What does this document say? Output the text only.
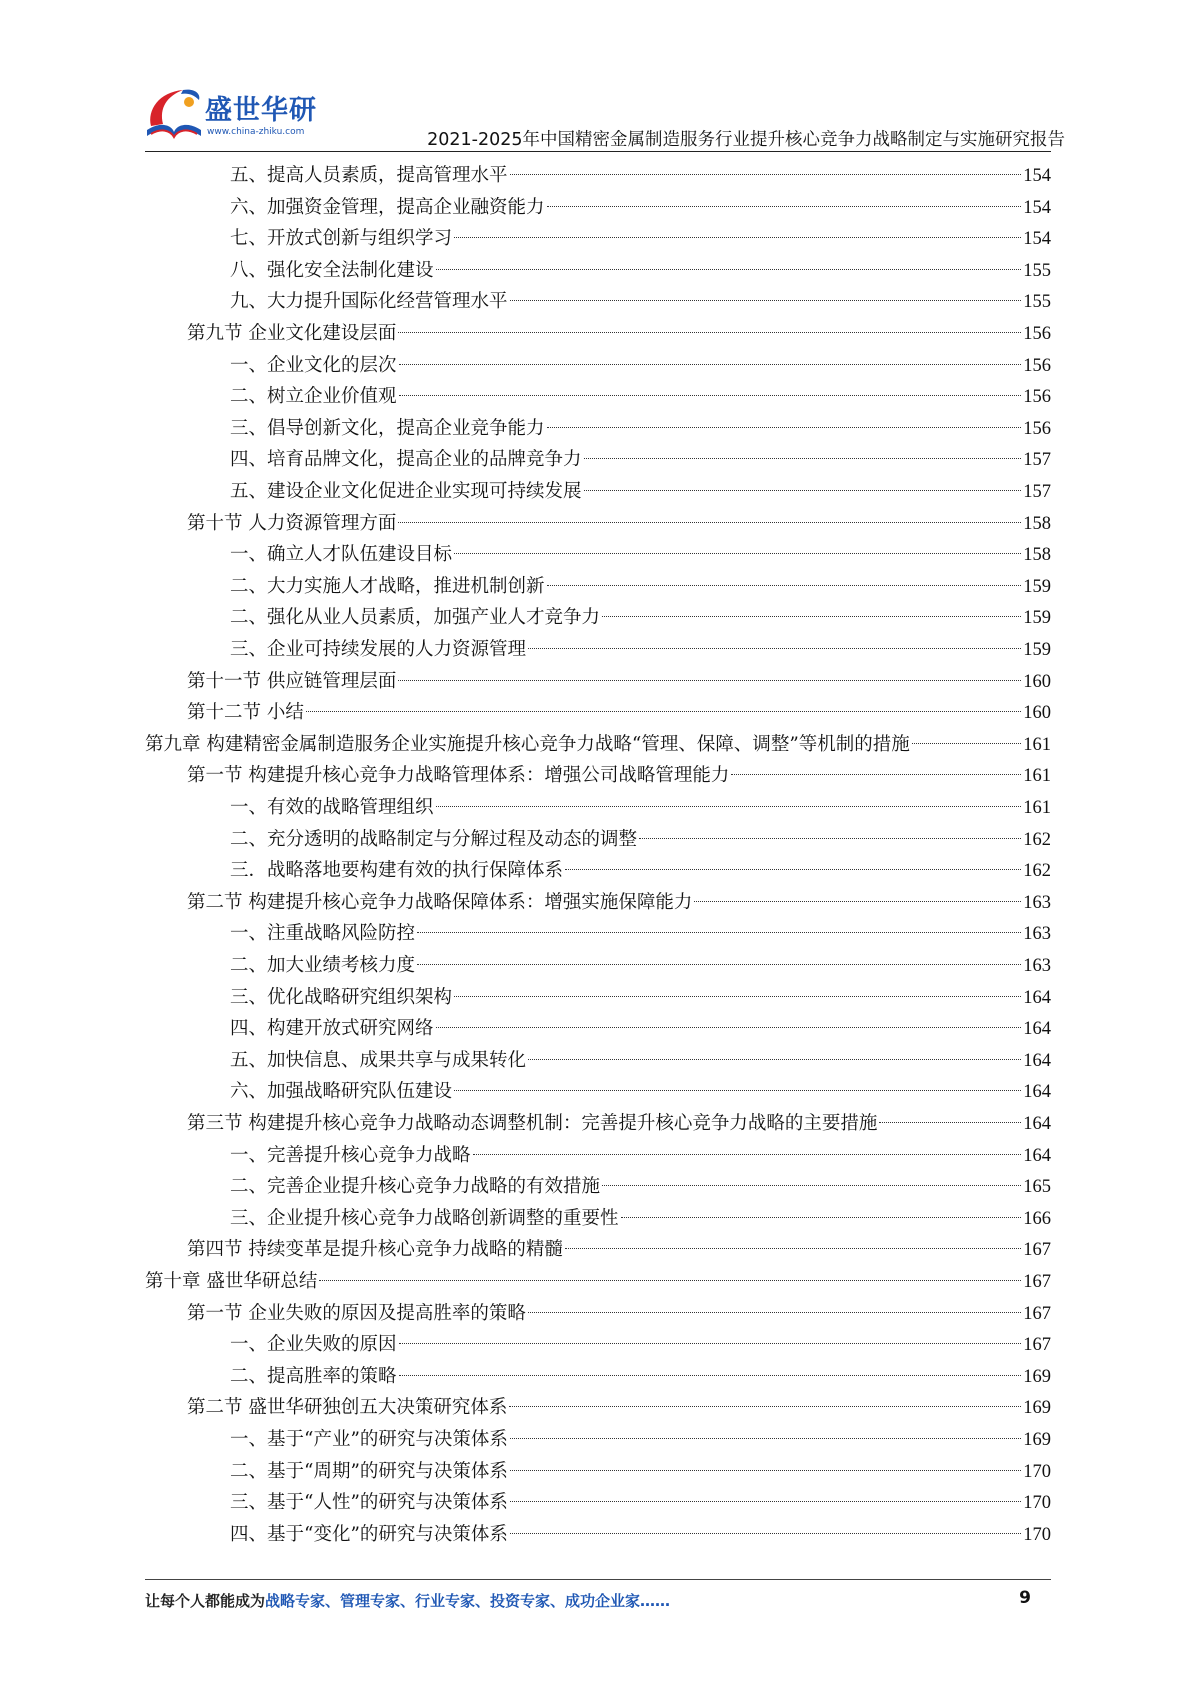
盛世华研
www.china-zhiku.com	2021-2025年中国精密金属制造服务行业提升核心竞争力战略制定与实施研究报告
五、提高人员素质，提高管理水平	154
六、加强资金管理，提高企业融资能力	154
七、开放式创新与组织学习	154
八、强化安全法制化建设	155
九、大力提升国际化经营管理水平	155
第九节 企业文化建设层面	156
一、企业文化的层次	156
二、树立企业价值观	156
三、倡导创新文化，提高企业竞争能力	156
四、培育品牌文化，提高企业的品牌竞争力	157
五、建设企业文化促进企业实现可持续发展	157
第十节 人力资源管理方面	158
一、确立人才队伍建设目标	158
二、大力实施人才战略，推进机制创新	159
二、强化从业人员素质，加强产业人才竞争力	159
三、企业可持续发展的人力资源管理	159
第十一节 供应链管理层面	160
第十二节 小结	160
第九章 构建精密金属制造服务企业实施提升核心竞争力战略“管理、保障、调整”等机制的措施	161
第一节 构建提升核心竞争力战略管理体系：增强公司战略管理能力	161
一、有效的战略管理组织	161
二、充分透明的战略制定与分解过程及动态的调整	162
三．战略落地要构建有效的执行保障体系	162
第二节 构建提升核心竞争力战略保障体系：增强实施保障能力	163
一、注重战略风险防控	163
二、加大业绩考核力度	163
三、优化战略研究组织架构	164
四、构建开放式研究网络	164
五、加快信息、成果共享与成果转化	164
六、加强战略研究队伍建设	164
第三节 构建提升核心竞争力战略动态调整机制：完善提升核心竞争力战略的主要措施	164
一、完善提升核心竞争力战略	164
二、完善企业提升核心竞争力战略的有效措施	165
三、企业提升核心竞争力战略创新调整的重要性	166
第四节 持续变革是提升核心竞争力战略的精髓	167
第十章 盛世华研总结	167
第一节 企业失败的原因及提高胜率的策略	167
一、企业失败的原因	167
二、提高胜率的策略	169
第二节 盛世华研独创五大决策研究体系	169
一、基于“产业”的研究与决策体系	169
二、基于“周期”的研究与决策体系	170
三、基于“人性”的研究与决策体系	170
四、基于“变化”的研究与决策体系	170
让每个人都能成为战略专家、管理专家、行业专家、投资专家、成功企业家……	9
